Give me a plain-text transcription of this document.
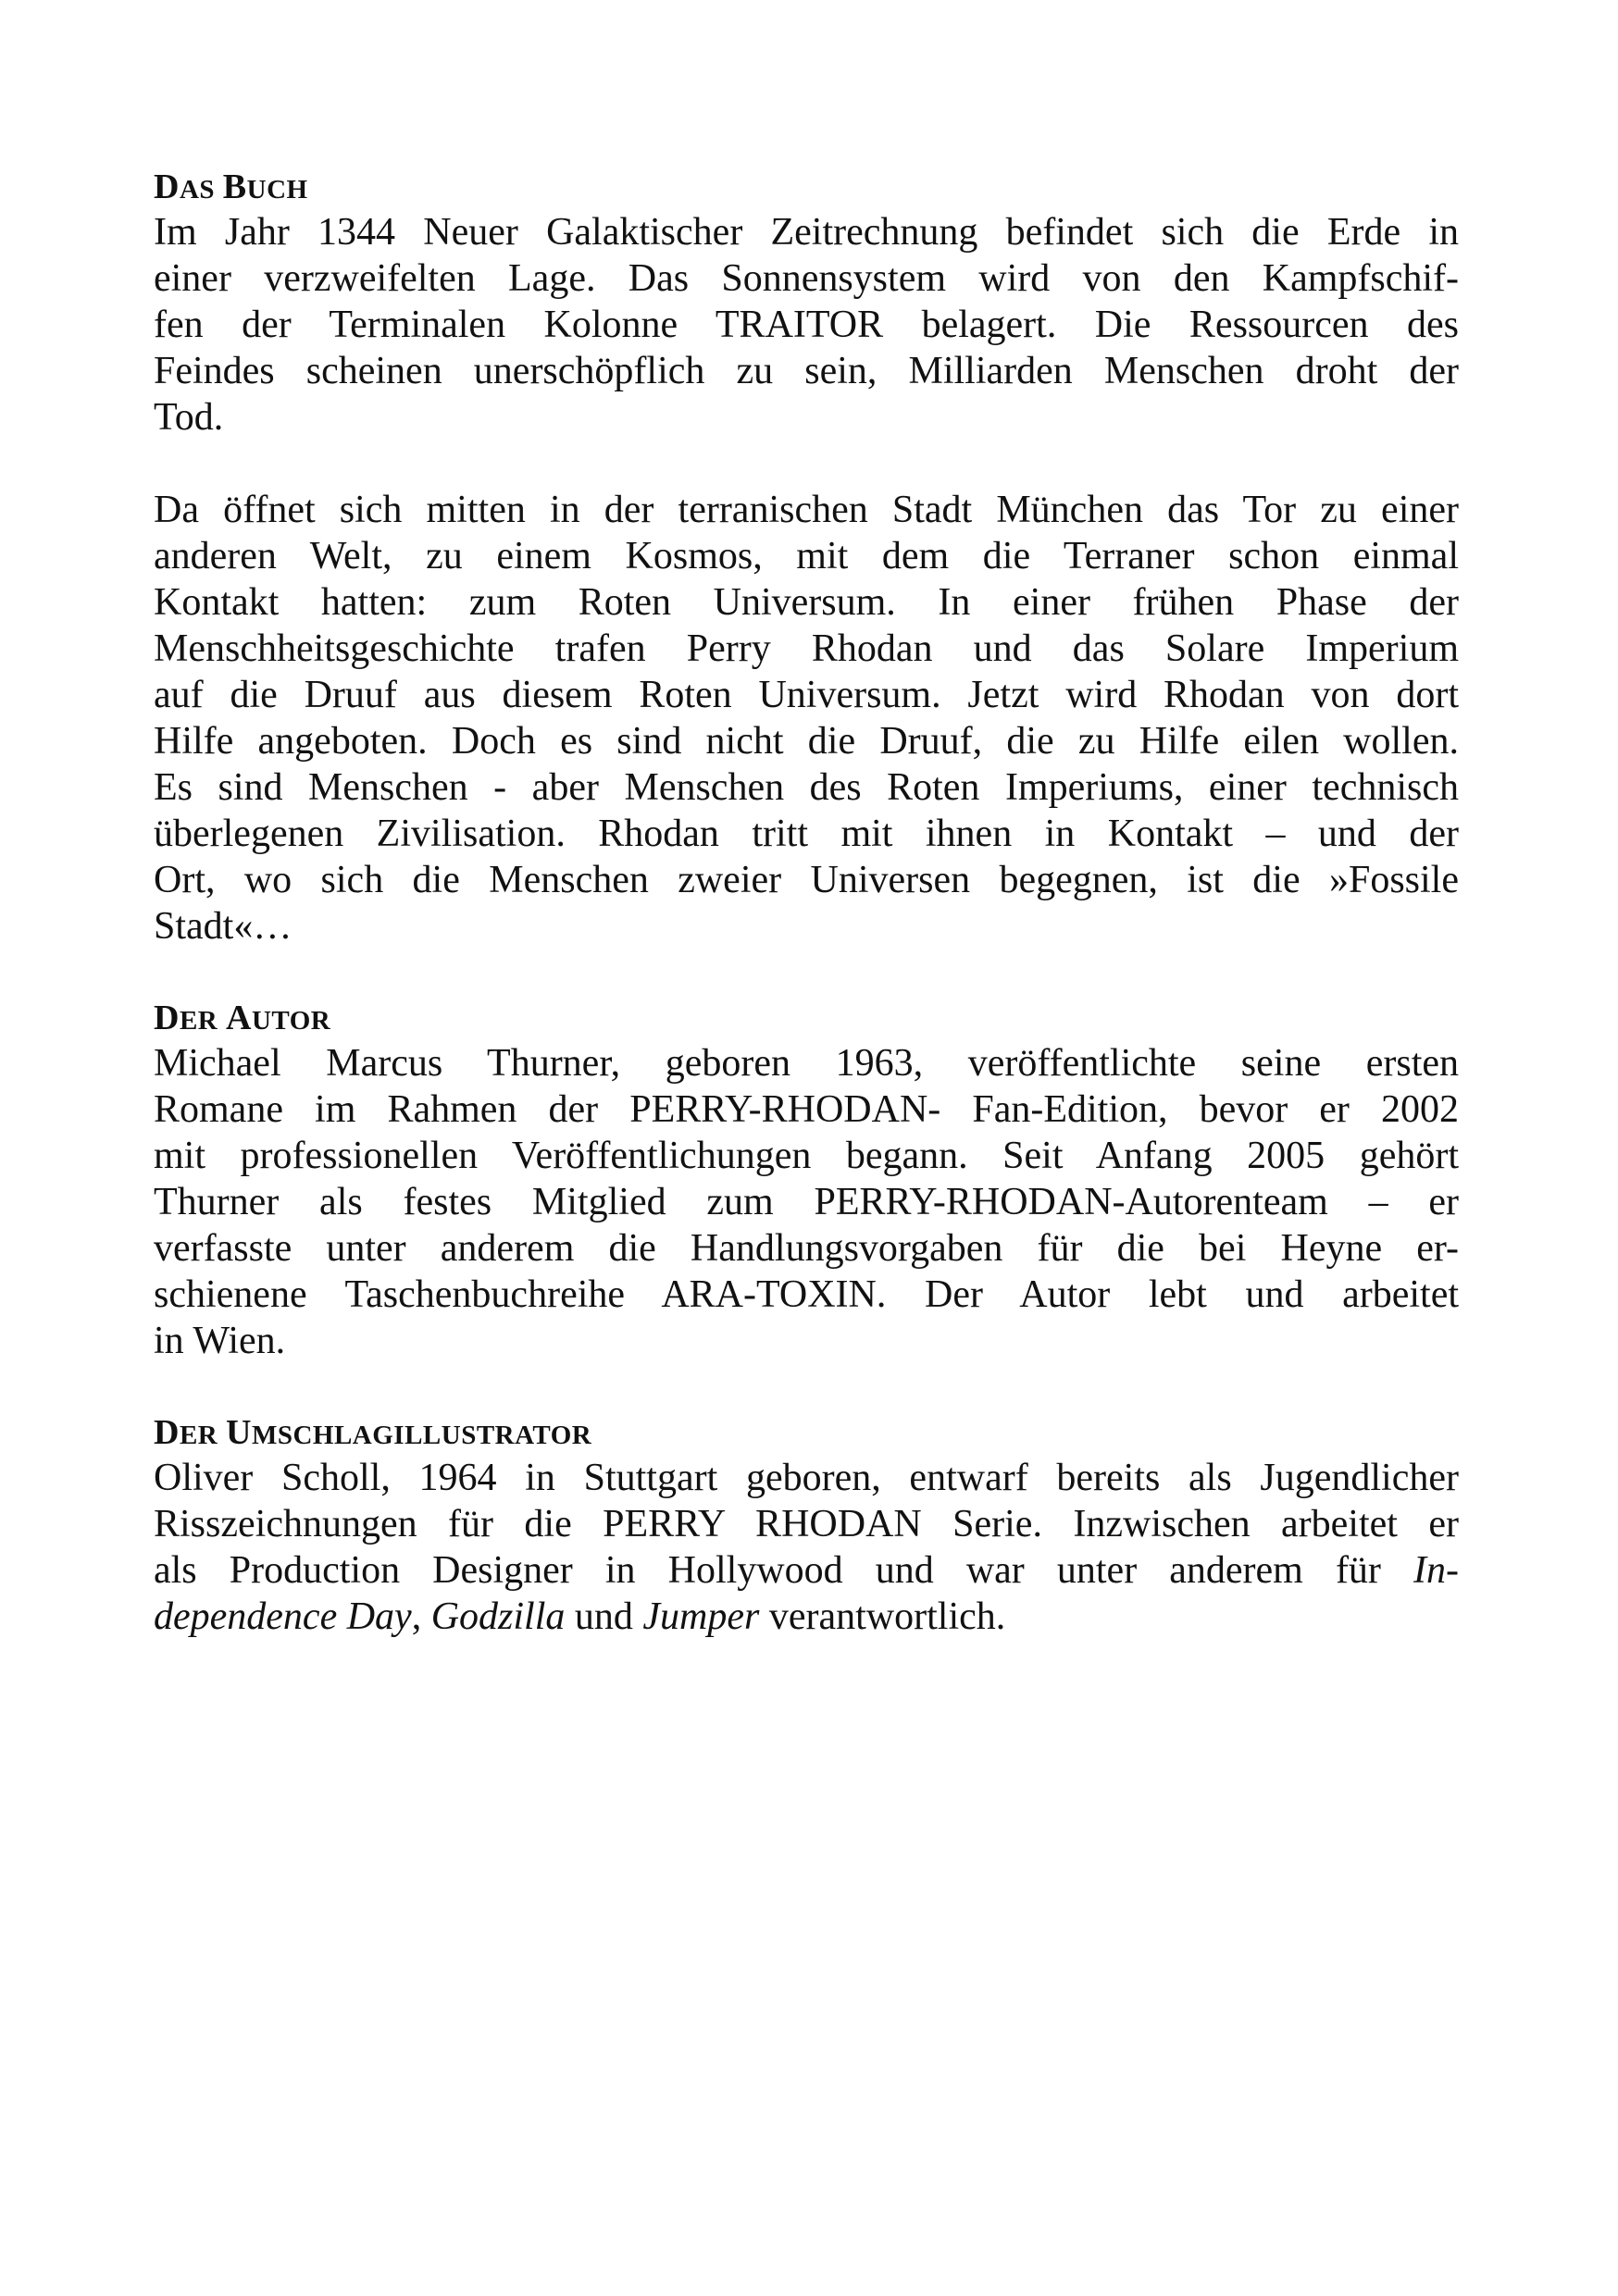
DAS BUCH

Im Jahr 1344 Neuer Galaktischer Zeitrechnung befindet sich die Erde in
einer verzweifelten Lage. Das Sonnensystem wird von den Kampfschif-
fen der Terminalen Kolonne TRAITOR belagert. Die Ressourcen des
Feindes scheinen unerschöpflich zu sein, Milliarden Menschen droht der
Tod.

Da öffnet sich mitten in der terranischen Stadt München das Tor zu einer
anderen Welt, zu einem Kosmos, mit dem die Terraner schon einmal
Kontakt hatten: zum Roten Universum. In einer frühen Phase der
Menschheitsgeschichte trafen Perry Rhodan und das Solare Imperium
auf die Druuf aus diesem Roten Universum. Jetzt wird Rhodan von dort
Hilfe angeboten. Doch es sind nicht die Druuf, die zu Hilfe eilen wollen.
Es sind Menschen - aber Menschen des Roten Imperiums, einer technisch
überlegenen Zivilisation. Rhodan tritt mit ihnen in Kontakt – und der
Ort, wo sich die Menschen zweier Universen begegnen, ist die »Fossile
Stadt«…

DER AUTOR

Michael Marcus Thurner, geboren 1963, veröffentlichte seine ersten
Romane im Rahmen der PERRY-RHODAN- Fan-Edition, bevor er 2002
mit professionellen Veröffentlichungen begann. Seit Anfang 2005 gehört
Thurner als festes Mitglied zum PERRY-RHODAN-Autorenteam – er
verfasste unter anderem die Handlungsvorgaben für die bei Heyne er-
schienene Taschenbuchreihe ARA-TOXIN. Der Autor lebt und arbeitet
in Wien.

DER UMSCHLAGILLUSTRATOR

Oliver Scholl, 1964 in Stuttgart geboren, entwarf bereits als Jugendlicher
Risszeichnungen für die PERRY RHODAN Serie. Inzwischen arbeitet er
als Production Designer in Hollywood und war unter anderem für In-
dependence Day, Godzilla und Jumper verantwortlich.
